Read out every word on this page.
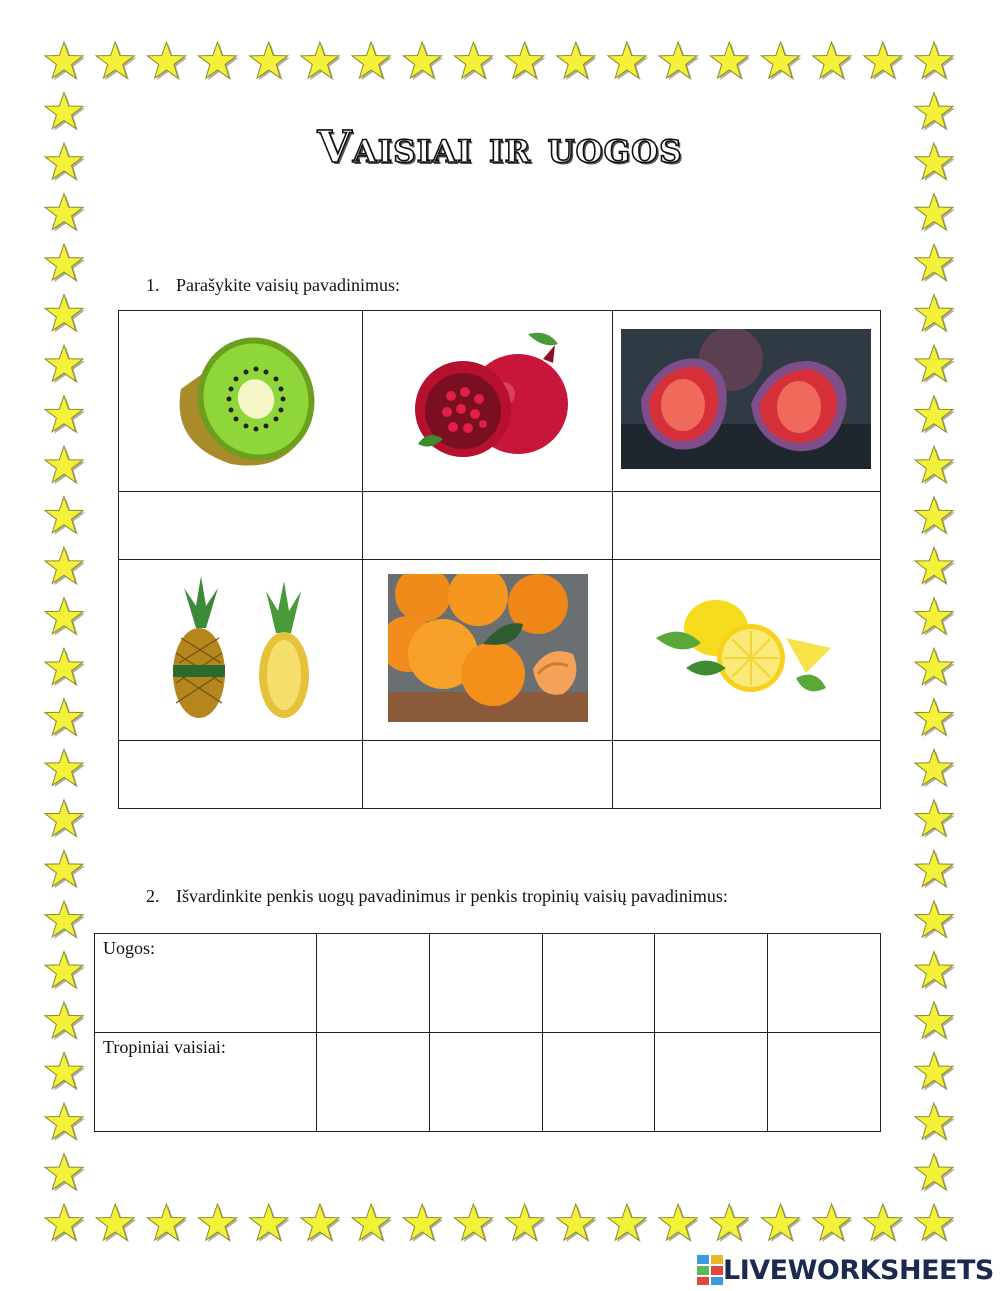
Vaisiai ir uogos
1. Parašykite vaisių pavadinimus:

2. Išvardinkite penkis uogų pavadinimus ir penkis tropinių vaisių pavadinimus:
Uogos:					
Tropiniai vaisiai:					
LIVEWORKSHEETS
